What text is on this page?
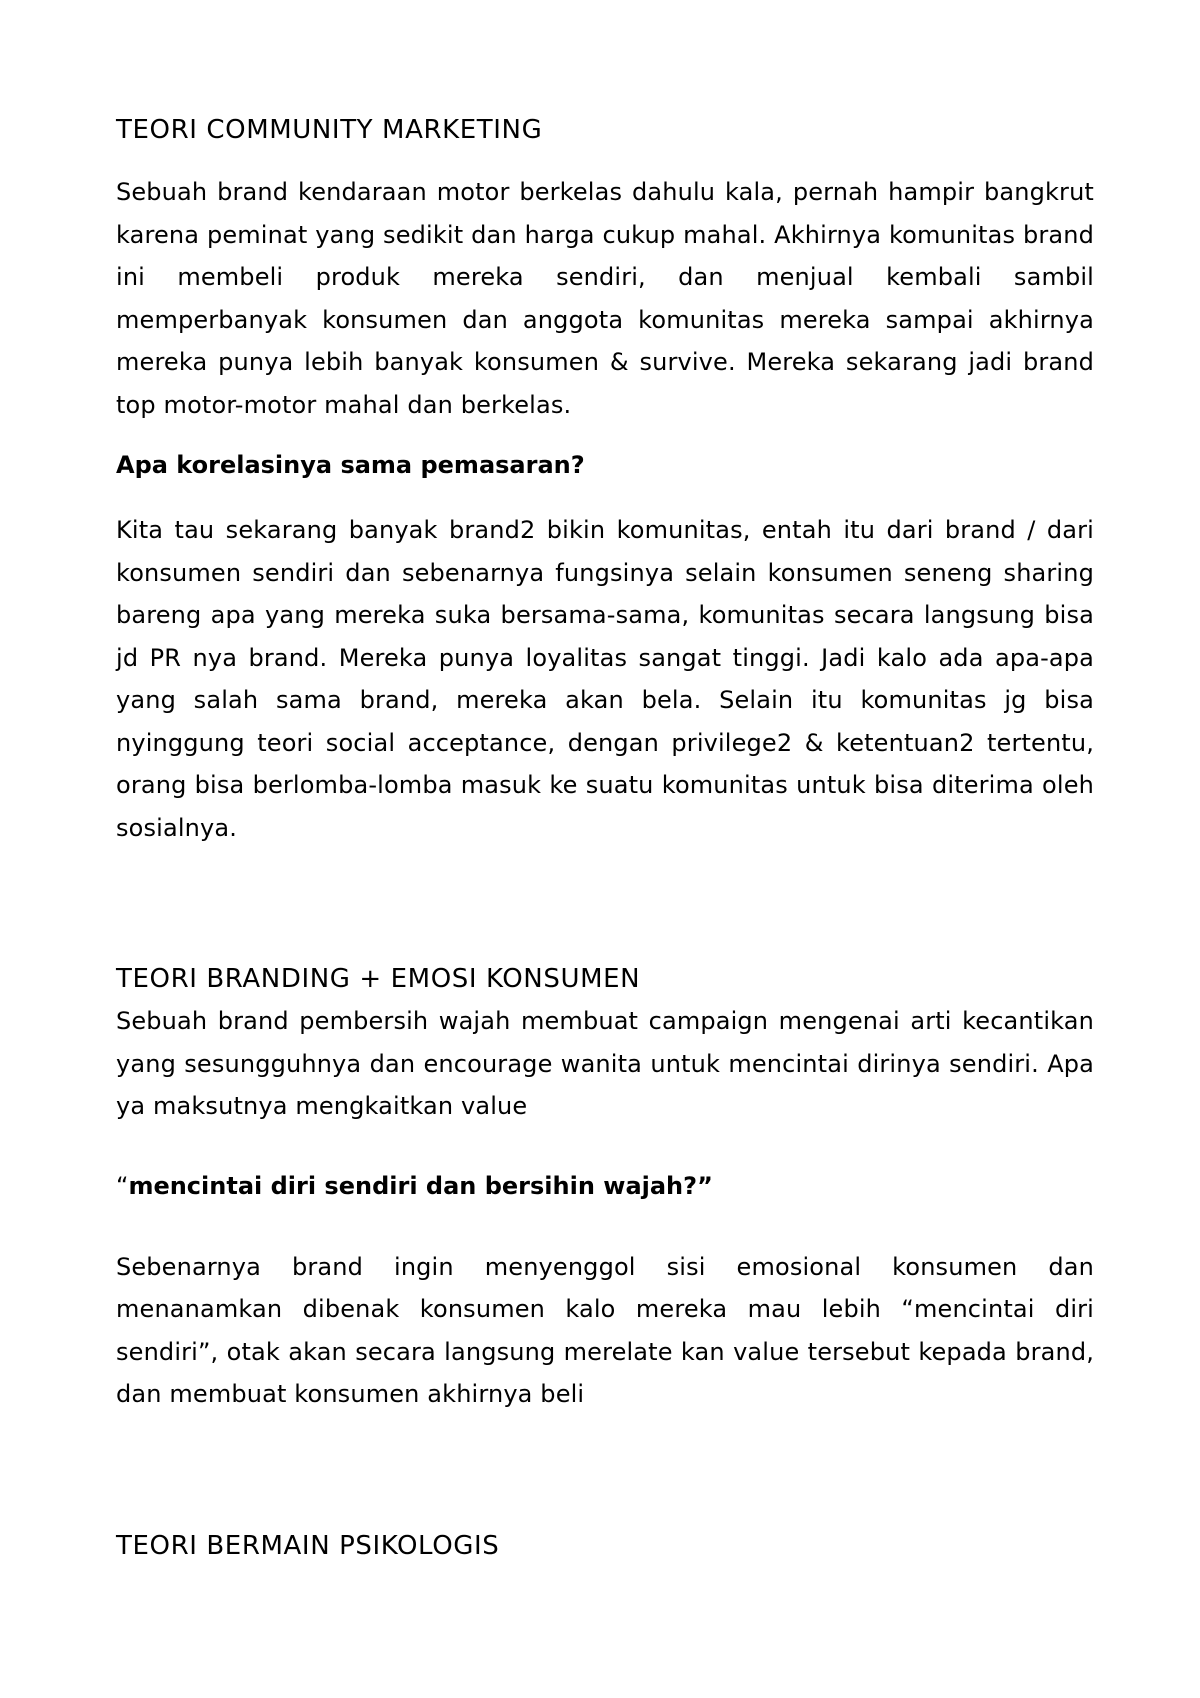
TEORI COMMUNITY MARKETING

Sebuah brand kendaraan motor berkelas dahulu kala, pernah hampir bangkrut karena peminat yang sedikit dan harga cukup mahal. Akhirnya komunitas brand ini membeli produk mereka sendiri, dan menjual kembali sambil memperbanyak konsumen dan anggota komunitas mereka sampai akhirnya mereka punya lebih banyak konsumen & survive. Mereka sekarang jadi brand top motor-motor mahal dan berkelas.

Apa korelasinya sama pemasaran?

Kita tau sekarang banyak brand2 bikin komunitas, entah itu dari brand / dari konsumen sendiri dan sebenarnya fungsinya selain konsumen seneng sharing bareng apa yang mereka suka bersama-sama, komunitas secara langsung bisa jd PR nya brand. Mereka punya loyalitas sangat tinggi. Jadi kalo ada apa-apa yang salah sama brand, mereka akan bela. Selain itu komunitas jg bisa nyinggung teori social acceptance, dengan privilege2 & ketentuan2 tertentu, orang bisa berlomba-lomba masuk ke suatu komunitas untuk bisa diterima oleh sosialnya.

TEORI BRANDING + EMOSI KONSUMEN

Sebuah brand pembersih wajah membuat campaign mengenai arti kecantikan yang sesungguhnya dan encourage wanita untuk mencintai dirinya sendiri. Apa ya maksutnya mengkaitkan value

“mencintai diri sendiri dan bersihin wajah?”

Sebenarnya brand ingin menyenggol sisi emosional konsumen dan menanamkan dibenak konsumen kalo mereka mau lebih “mencintai diri sendiri”, otak akan secara langsung merelate kan value tersebut kepada brand, dan membuat konsumen akhirnya beli

TEORI BERMAIN PSIKOLOGIS
